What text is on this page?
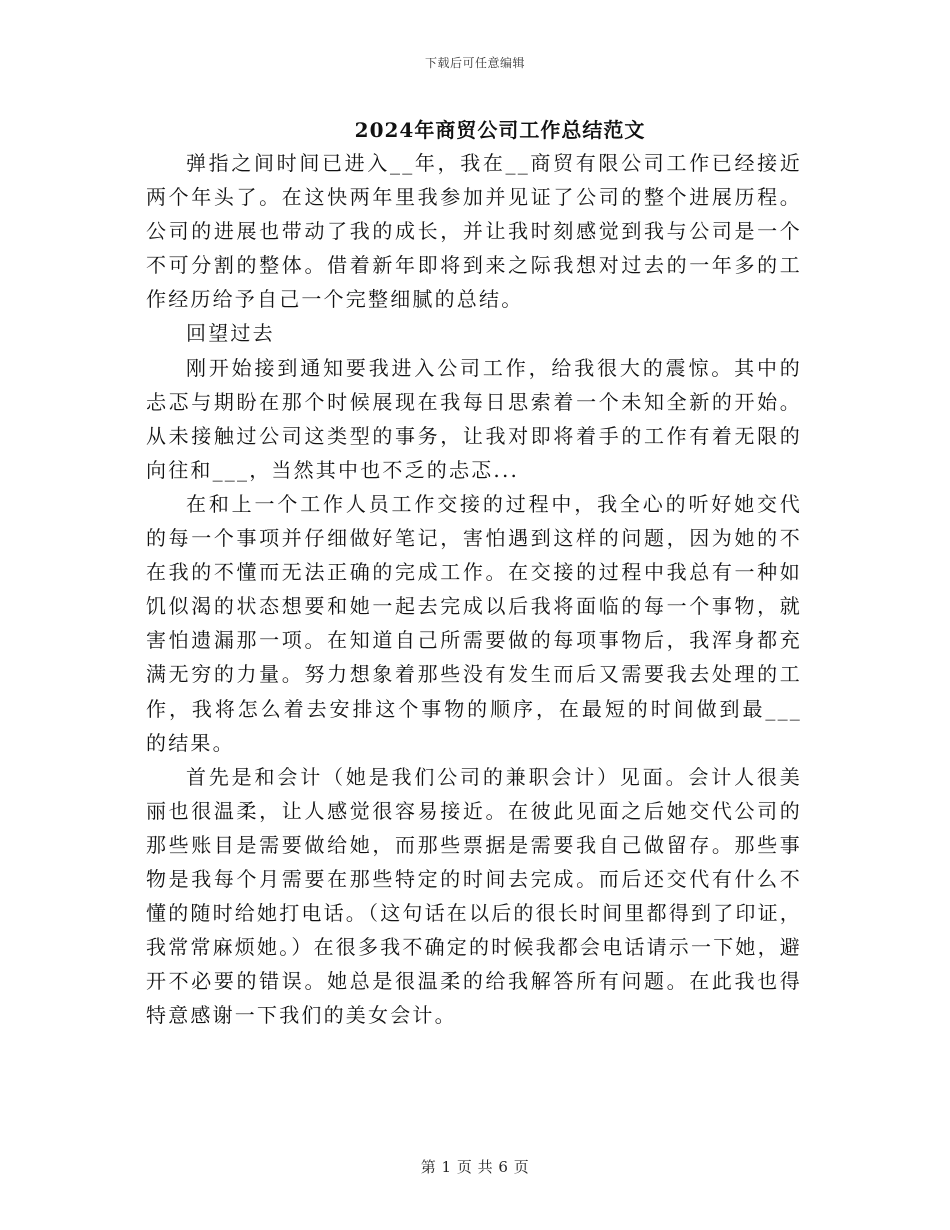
下载后可任意编辑
2024年商贸公司工作总结范文

弹指之间时间已进入__年，我在__商贸有限公司工作已经接近两个年头了。在这快两年里我参加并见证了公司的整个进展历程。公司的进展也带动了我的成长，并让我时刻感觉到我与公司是一个不可分割的整体。借着新年即将到来之际我想对过去的一年多的工作经历给予自己一个完整细腻的总结。

回望过去

刚开始接到通知要我进入公司工作，给我很大的震惊。其中的忐忑与期盼在那个时候展现在我每日思索着一个未知全新的开始。从未接触过公司这类型的事务，让我对即将着手的工作有着无限的向往和___，当然其中也不乏的忐忑...

在和上一个工作人员工作交接的过程中，我全心的听好她交代的每一个事项并仔细做好笔记，害怕遇到这样的问题，因为她的不在我的不懂而无法正确的完成工作。在交接的过程中我总有一种如饥似渴的状态想要和她一起去完成以后我将面临的每一个事物，就害怕遗漏那一项。在知道自己所需要做的每项事物后，我浑身都充满无穷的力量。努力想象着那些没有发生而后又需要我去处理的工作，我将怎么着去安排这个事物的顺序，在最短的时间做到最___的结果。

首先是和会计（她是我们公司的兼职会计）见面。会计人很美丽也很温柔，让人感觉很容易接近。在彼此见面之后她交代公司的那些账目是需要做给她，而那些票据是需要我自己做留存。那些事物是我每个月需要在那些特定的时间去完成。而后还交代有什么不懂的随时给她打电话。（这句话在以后的很长时间里都得到了印证，我常常麻烦她。）在很多我不确定的时候我都会电话请示一下她，避开不必要的错误。她总是很温柔的给我解答所有问题。在此我也得特意感谢一下我们的美女会计。

第 1 页 共 6 页
